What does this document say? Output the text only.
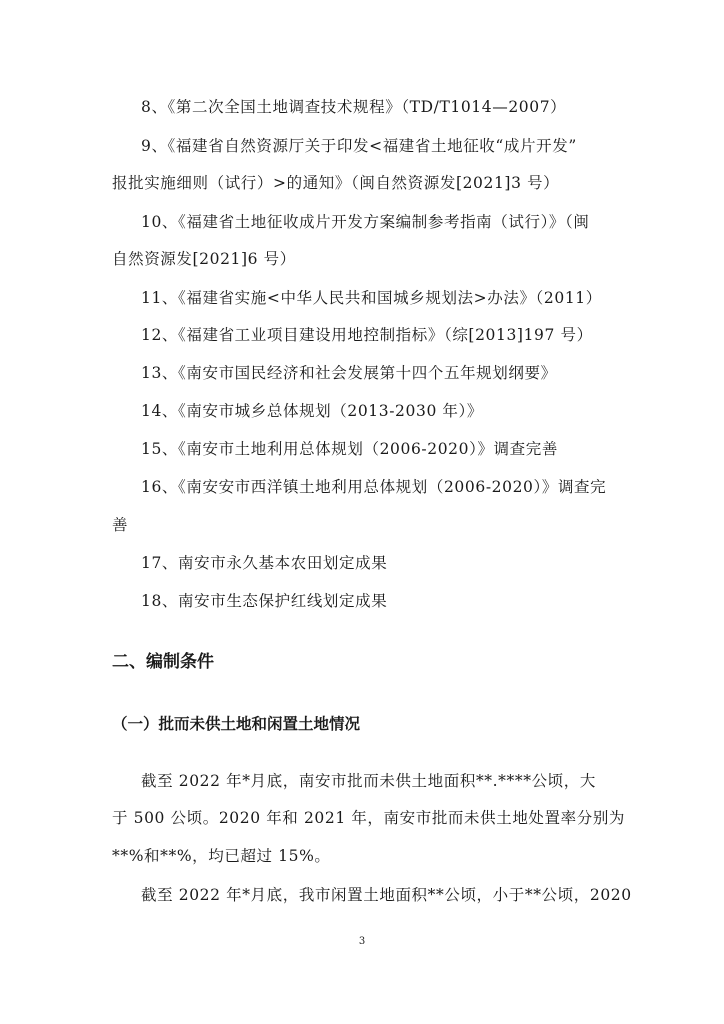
8、《第二次全国土地调查技术规程》（TD/T1014—2007）
9、《福建省自然资源厅关于印发<福建省土地征收“成片开发”
报批实施细则（试行）>的通知》（闽自然资源发[2021]3 号）
10、《福建省土地征收成片开发方案编制参考指南（试行）》（闽
自然资源发[2021]6 号）
11、《福建省实施<中华人民共和国城乡规划法>办法》（2011）
12、《福建省工业项目建设用地控制指标》（综[2013]197 号）
13、《南安市国民经济和社会发展第十四个五年规划纲要》
14、《南安市城乡总体规划（2013-2030 年）》
15、《南安市土地利用总体规划（2006-2020）》调查完善
16、《南安安市西洋镇土地利用总体规划（2006-2020）》调查完
善
17、南安市永久基本农田划定成果
18、南安市生态保护红线划定成果
二、编制条件
（一）批而未供土地和闲置土地情况
截至 2022 年*月底，南安市批而未供土地面积**.****公顷，大
于 500 公顷。2020 年和 2021 年，南安市批而未供土地处置率分别为
**%和**%，均已超过 15%。
截至 2022 年*月底，我市闲置土地面积**公顷，小于**公顷，2020
3
